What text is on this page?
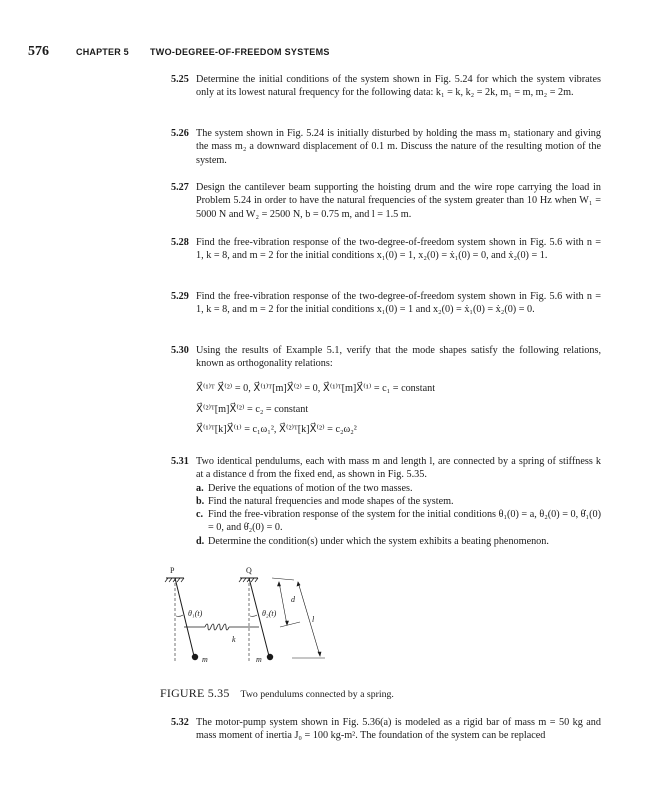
576	CHAPTER 5 TWO-DEGREE-OF-FREEDOM SYSTEMS
5.25 Determine the initial conditions of the system shown in Fig. 5.24 for which the system vibrates only at its lowest natural frequency for the following data: k₁ = k, k₂ = 2k, m₁ = m, m₂ = 2m.
5.26 The system shown in Fig. 5.24 is initially disturbed by holding the mass m₁ stationary and giving the mass m₂ a downward displacement of 0.1 m. Discuss the nature of the resulting motion of the system.
5.27 Design the cantilever beam supporting the hoisting drum and the wire rope carrying the load in Problem 5.24 in order to have the natural frequencies of the system greater than 10 Hz when W₁ = 5000 N and W₂ = 2500 N, b = 0.75 m, and l = 1.5 m.
5.28 Find the free-vibration response of the two-degree-of-freedom system shown in Fig. 5.6 with n = 1, k = 8, and m = 2 for the initial conditions x₁(0) = 1, x₂(0) = ẋ₁(0) = 0, and ẋ₂(0) = 1.
5.29 Find the free-vibration response of the two-degree-of-freedom system shown in Fig. 5.6 with n = 1, k = 8, and m = 2 for the initial conditions x₁(0) = 1 and x₂(0) = ẋ₁(0) = ẋ₂(0) = 0.
5.30 Using the results of Example 5.1, verify that the mode shapes satisfy the following relations, known as orthogonality relations:
X⃗⁽¹⁾ᵀ X⃗⁽²⁾ = 0, X⃗⁽¹⁾ᵀ[m]X⃗⁽²⁾ = 0, X⃗⁽¹⁾ᵀ[m]X⃗⁽¹⁾ = c₁ = constant
X⃗⁽²⁾ᵀ[m]X⃗⁽²⁾ = c₂ = constant
X⃗⁽¹⁾ᵀ[k]X⃗⁽¹⁾ = c₁ω₁², X⃗⁽²⁾ᵀ[k]X⃗⁽²⁾ = c₂ω₂²
5.31 Two identical pendulums, each with mass m and length l, are connected by a spring of stiffness k at a distance d from the fixed end, as shown in Fig. 5.35.
a. Derive the equations of motion of the two masses.
b. Find the natural frequencies and mode shapes of the system.
c. Find the free-vibration response of the system for the initial conditions θ₁(0) = a, θ₂(0) = 0, θ̇₁(0) = 0, and θ̇₂(0) = 0.
d. Determine the condition(s) under which the system exhibits a beating phenomenon.
P
m
θ₁(t)
Q
m
θ₂(t)
k
d
l
FIGURE 5.35 Two pendulums connected by a spring.
5.32 The motor-pump system shown in Fig. 5.36(a) is modeled as a rigid bar of mass m = 50 kg and mass moment of inertia J₀ = 100 kg-m². The foundation of the system can be replaced
